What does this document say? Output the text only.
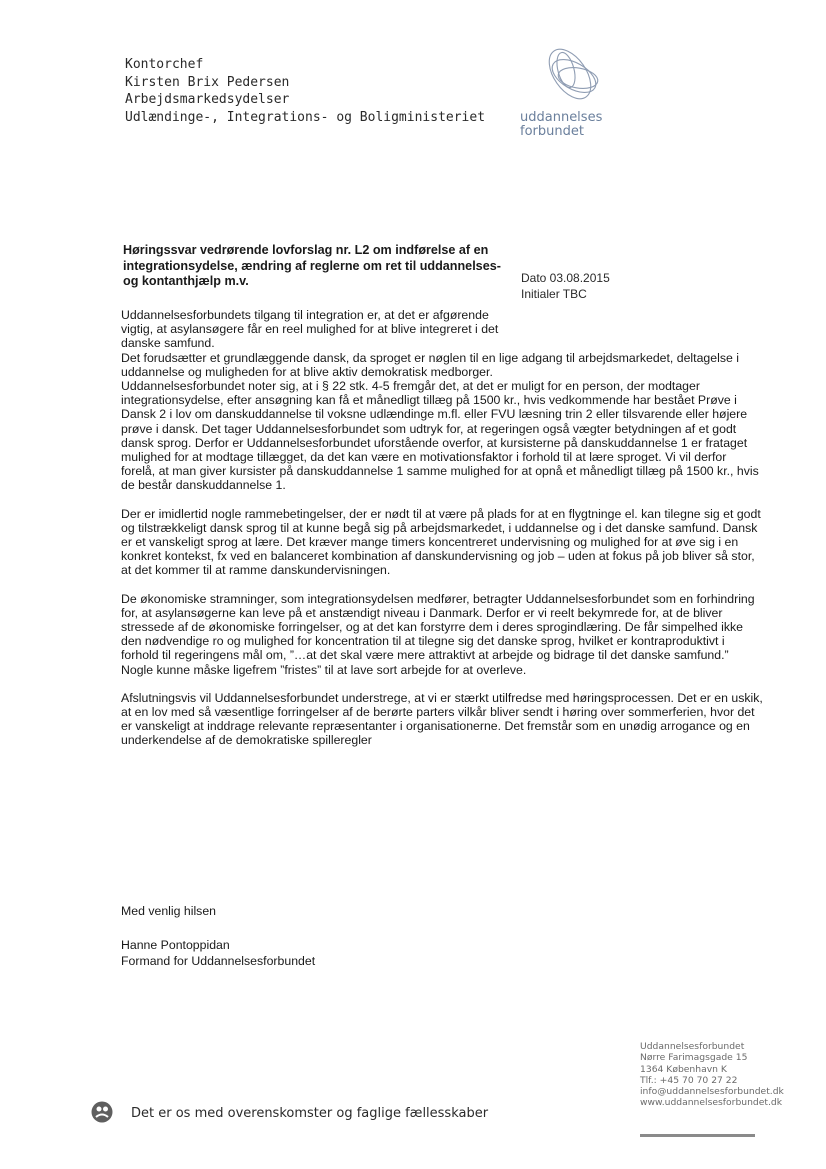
Kontorchef
Kirsten Brix Pedersen
Arbejdsmarkedsydelser
Udlændinge-, Integrations- og Boligministeriet	uddannelses
forbundet
Høringssvar vedrørende lovforslag nr. L2 om indførelse af en integrationsydelse, ændring af reglerne om ret til uddannelses- og kontanthjælp m.v.	Dato 03.08.2015
Initialer TBC

Uddannelsesforbundets tilgang til integration er, at det er afgørende vigtig, at asylansøgere får en reel mulighed for at blive integreret i det danske samfund.

Det forudsætter et grundlæggende dansk, da sproget er nøglen til en lige adgang til arbejdsmarkedet, deltagelse i uddannelse og muligheden for at blive aktiv demokratisk medborger.

Uddannelsesforbundet noter sig, at i § 22 stk. 4-5 fremgår det, at det er muligt for en person, der modtager integrationsydelse, efter ansøgning kan få et månedligt tillæg på 1500 kr., hvis vedkommende har bestået Prøve i Dansk 2 i lov om danskuddannelse til voksne udlændinge m.fl. eller FVU læsning trin 2 eller tilsvarende eller højere prøve i dansk. Det tager Uddannelsesforbundet som udtryk for, at regeringen også vægter betydningen af et godt dansk sprog. Derfor er Uddannelsesforbundet uforstående overfor, at kursisterne på danskuddannelse 1 er frataget mulighed for at modtage tillægget, da det kan være en motivationsfaktor i forhold til at lære sproget. Vi vil derfor forelå, at man giver kursister på danskuddannelse 1 samme mulighed for at opnå et månedligt tillæg på 1500 kr., hvis de består danskuddannelse 1.

Der er imidlertid nogle rammebetingelser, der er nødt til at være på plads for at en flygtninge el. kan tilegne sig et godt og tilstrækkeligt dansk sprog til at kunne begå sig på arbejdsmarkedet, i uddannelse og i det danske samfund. Dansk er et vanskeligt sprog at lære. Det kræver mange timers koncentreret undervisning og mulighed for at øve sig i en konkret kontekst, fx ved en balanceret kombination af danskundervisning og job – uden at fokus på job bliver så stor, at det kommer til at ramme danskundervisningen.

De økonomiske stramninger, som integrationsydelsen medfører, betragter Uddannelsesforbundet som en forhindring for, at asylansøgerne kan leve på et anstændigt niveau i Danmark. Derfor er vi reelt bekymrede for, at de bliver stressede af de økonomiske forringelser, og at det kan forstyrre dem i deres sprogindlæring. De får simpelhed ikke den nødvendige ro og mulighed for koncentration til at tilegne sig det danske sprog, hvilket er kontraproduktivt i forhold til regeringens mål om, ”…at det skal være mere attraktivt at arbejde og bidrage til det danske samfund.” Nogle kunne måske ligefrem ”fristes” til at lave sort arbejde for at overleve.

Afslutningsvis vil Uddannelsesforbundet understrege, at vi er stærkt utilfredse med høringsprocessen. Det er en uskik, at en lov med så væsentlige forringelser af de berørte parters vilkår bliver sendt i høring over sommerferien, hvor det er vanskeligt at inddrage relevante repræsentanter i organisationerne. Det fremstår som en unødig arrogance og en underkendelse af de demokratiske spilleregler

Med venlig hilsen
Hanne Pontoppidan
Formand for Uddannelsesforbundet
Uddannelsesforbundet
Nørre Farimagsgade 15
1364 København K
Tlf.: +45 70 70 27 22
info@uddannelsesforbundet.dk
www.uddannelsesforbundet.dk
Det er os med overenskomster og faglige fællesskaber
